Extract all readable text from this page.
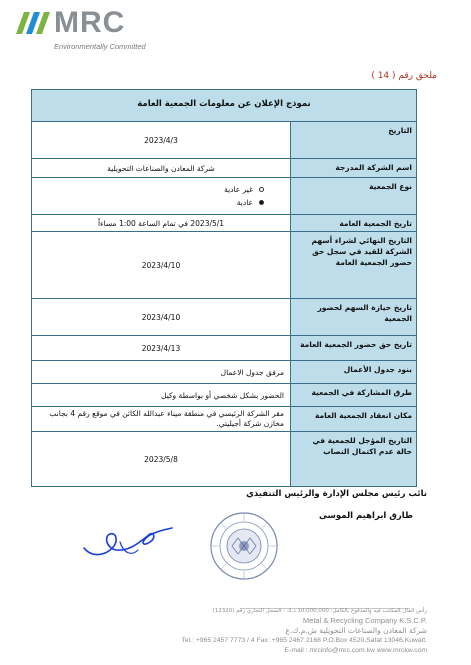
MRC
Environmentally Committed
ملحق رقم ( 14 )
نموذج الإعلان عن معلومات الجمعية العامة
التاريخ
2023/4/3
اسم الشركة المدرجة
شركة المعادن والصناعات التحويلية
نوع الجمعية
غير عادية
عادية
تاريخ الجمعية العامة
2023/5/1

في تمام الساعة 1:00 مساءاً
التاريخ النهائي لشراء أسهم الشركة للقيد في سجل حق حضور الجمعية العامة
2023/4/10
تاريخ حيازة السهم لحضور الجمعية
2023/4/10
تاريخ حق حضور الجمعية العامة
2023/4/13
بنود جدول الأعمال
مرفق جدول الاعمال
طرق المشاركة في الجمعية
الحضور بشكل شخصي أو بواسطة وكيل
مكان انعقاد الجمعية العامة
مقر الشركة الرئيسي في منطقة ميناء عبدالله الكائن في موقع رقم 4 بجانب مخازن شركة أجيليتي.
التاريخ المؤجل للجمعية في حالة عدم اكتمال النصاب
2023/5/8
نائب رئيس مجلس الإدارة والرئيس التنفيذي
طارق ابراهيم الموسى
رأس المال المكتتب فيه والمدفوع بالكامل: 10,000,000 د.ك - السجل التجاري رقم (12320)
Metal & Recycling Company K.S.C.P.
شركة المعادن والصناعات التحويلية ش.م.ك.ع
Tel.: +965 2457 7773 / 4 Fax: +965 2467 2168 P.O.Box 4520,Safat 13046,Kuwait.
E-mail : mrcinfo@mrc.com.kw www.mrckw.com
